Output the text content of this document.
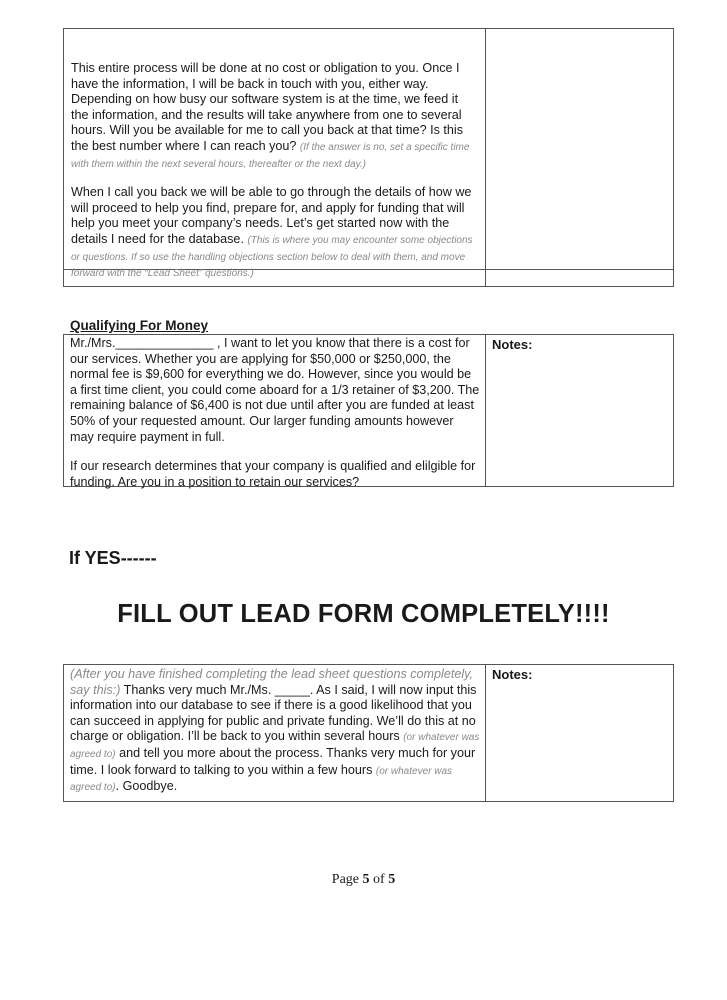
This entire process will be done at no cost or obligation to you. Once I have the information, I will be back in touch with you, either way. Depending on how busy our software system is at the time, we feed it the information, and the results will take anywhere from one to several hours. Will you be available for me to call you back at that time? Is this the best number where I can reach you? (If the answer is no, set a specific time with them within the next several hours, thereafter or the next day.)

When I call you back we will be able to go through the details of how we will proceed to help you find, prepare for, and apply for funding that will help you meet your company’s needs. Let’s get started now with the details I need for the database. (This is where you may encounter some objections or questions. If so use the handling objections section below to deal with them, and move forward with the “Lead Sheet” questions.)

Qualifying For Money

Mr./Mrs.______________ , I want to let you know that there is a cost for our services. Whether you are applying for $50,000 or $250,000, the normal fee is $9,600 for everything we do. However, since you would be a first time client, you could come aboard for a 1/3 retainer of $3,200. The remaining balance of $6,400 is not due until after you are funded at least 50% of your requested amount. Our larger funding amounts however may require payment in full.

If our research determines that your company is qualified and elilgible for funding. Are you in a position to retain our services?

Notes:
If YES------
FILL OUT LEAD FORM COMPLETELY!!!!

(After you have finished completing the lead sheet questions completely, say this:) Thanks very much Mr./Ms. _____. As I said, I will now input this information into our database to see if there is a good likelihood that you can succeed in applying for public and private funding. We’ll do this at no charge or obligation. I’ll be back to you within several hours (or whatever was agreed to) and tell you more about the process. Thanks very much for your time. I look forward to talking to you within a few hours (or whatever was agreed to). Goodbye.

Notes:
Page 5 of 5
